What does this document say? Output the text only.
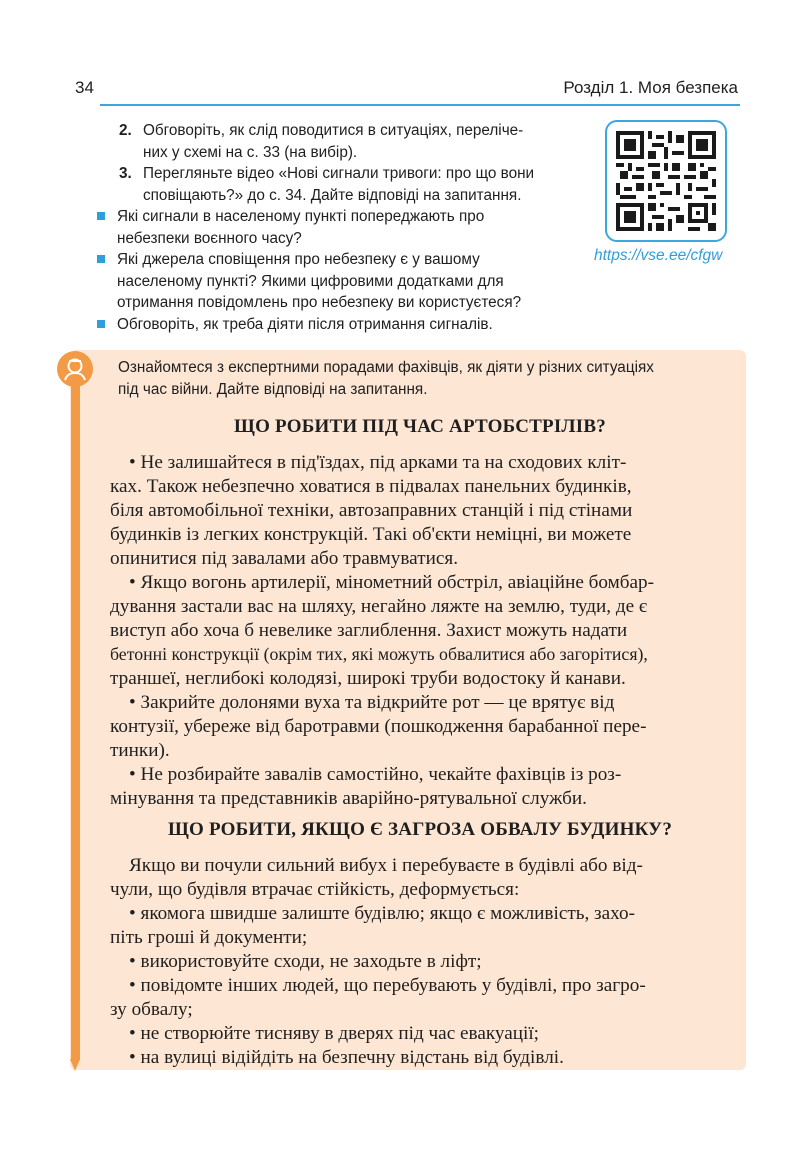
34	Розділ 1. Моя безпека
2. Обговоріть, як слід поводитися в ситуаціях, переліче-
них у схемі на с. 33 (на вибір).
3. Перегляньте відео «Нові сигнали тривоги: про що вони
сповіщають?» до с. 34. Дайте відповіді на запитання.
Які сигнали в населеному пункті попереджають про
небезпеки воєнного часу?
Які джерела сповіщення про небезпеку є у вашому
населеному пункті? Якими цифровими додатками для
отримання повідомлень про небезпеку ви користуєтеся?
Обговоріть, як треба діяти після отримання сигналів.
https://vse.ee/cfgw
Ознайомтеся з експертними порадами фахівців, як діяти у різних ситуаціях
під час війни. Дайте відповіді на запитання.
ЩО РОБИТИ ПІД ЧАС АРТОБСТРІЛІВ?
• Не залишайтеся в під'їздах, під арками та на сходових кліт-
ках. Також небезпечно ховатися в підвалах панельних будинків,
біля автомобільної техніки, автозаправних станцій і під стінами
будинків із легких конструкцій. Такі об'єкти неміцні, ви можете
опинитися під завалами або травмуватися.
• Якщо вогонь артилерії, мінометний обстріл, авіаційне бомбар-
дування застали вас на шляху, негайно ляжте на землю, туди, де є
виступ або хоча б невелике заглиблення. Захист можуть надати
бетонні конструкції (окрім тих, які можуть обвалитися або загорітися),
траншеї, неглибокі колодязі, широкі труби водостоку й канави.
• Закрийте долонями вуха та відкрийте рот — це врятує від
контузії, убереже від баротравми (пошкодження барабанної пере-
тинки).
• Не розбирайте завалів самостійно, чекайте фахівців із роз-
мінування та представників аварійно-рятувальної служби.
ЩО РОБИТИ, ЯКЩО Є ЗАГРОЗА ОБВАЛУ БУДИНКУ?
Якщо ви почули сильний вибух і перебуваєте в будівлі або від-
чули, що будівля втрачає стійкість, деформується:
• якомога швидше залиште будівлю; якщо є можливість, захо-
піть гроші й документи;
• використовуйте сходи, не заходьте в ліфт;
• повідомте інших людей, що перебувають у будівлі, про загро-
зу обвалу;
• не створюйте тисняву в дверях під час евакуації;
• на вулиці відійдіть на безпечну відстань від будівлі.
